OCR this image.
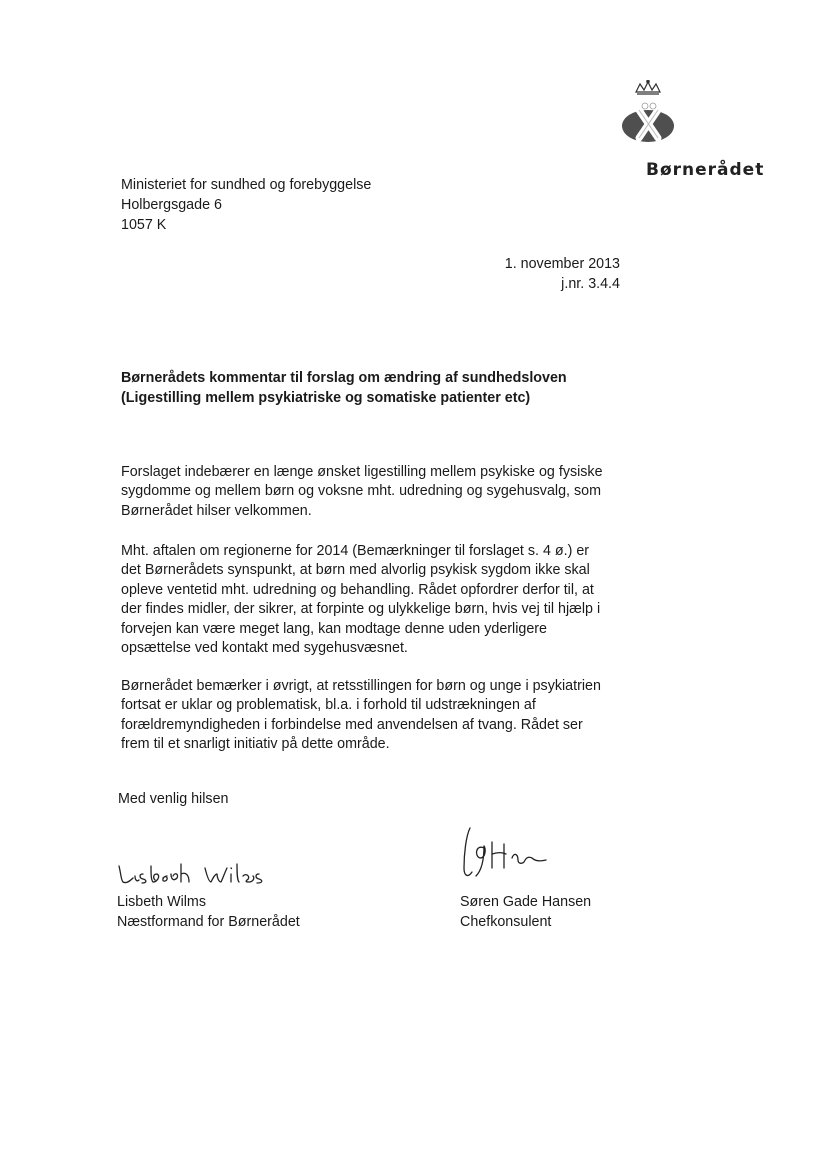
Børnerådet
Ministeriet for sundhed og forebyggelse
Holbergsgade 6
1057 K
1. november 2013
j.nr. 3.4.4
Børnerådets kommentar til forslag om ændring af sundhedsloven
(Ligestilling mellem psykiatriske og somatiske patienter etc)
Forslaget indebærer en længe ønsket ligestilling mellem psykiske og fysiske
sygdomme og mellem børn og voksne mht. udredning og sygehusvalg, som
Børnerådet hilser velkommen.
Mht. aftalen om regionerne for 2014 (Bemærkninger til forslaget s. 4 ø.) er
det Børnerådets synspunkt, at børn med alvorlig psykisk sygdom ikke skal
opleve ventetid mht. udredning og behandling. Rådet opfordrer derfor til, at
der findes midler, der sikrer, at forpinte og ulykkelige børn, hvis vej til hjælp i
forvejen kan være meget lang, kan modtage denne uden yderligere
opsættelse ved kontakt med sygehusvæsnet.
Børnerådet bemærker i øvrigt, at retsstillingen for børn og unge i psykiatrien
fortsat er uklar og problematisk, bl.a. i forhold til udstrækningen af
forældremyndigheden i forbindelse med anvendelsen af tvang. Rådet ser
frem til et snarligt initiativ på dette område.
Med venlig hilsen
Lisbeth Wilms
Næstformand for Børnerådet
Søren Gade Hansen
Chefkonsulent
